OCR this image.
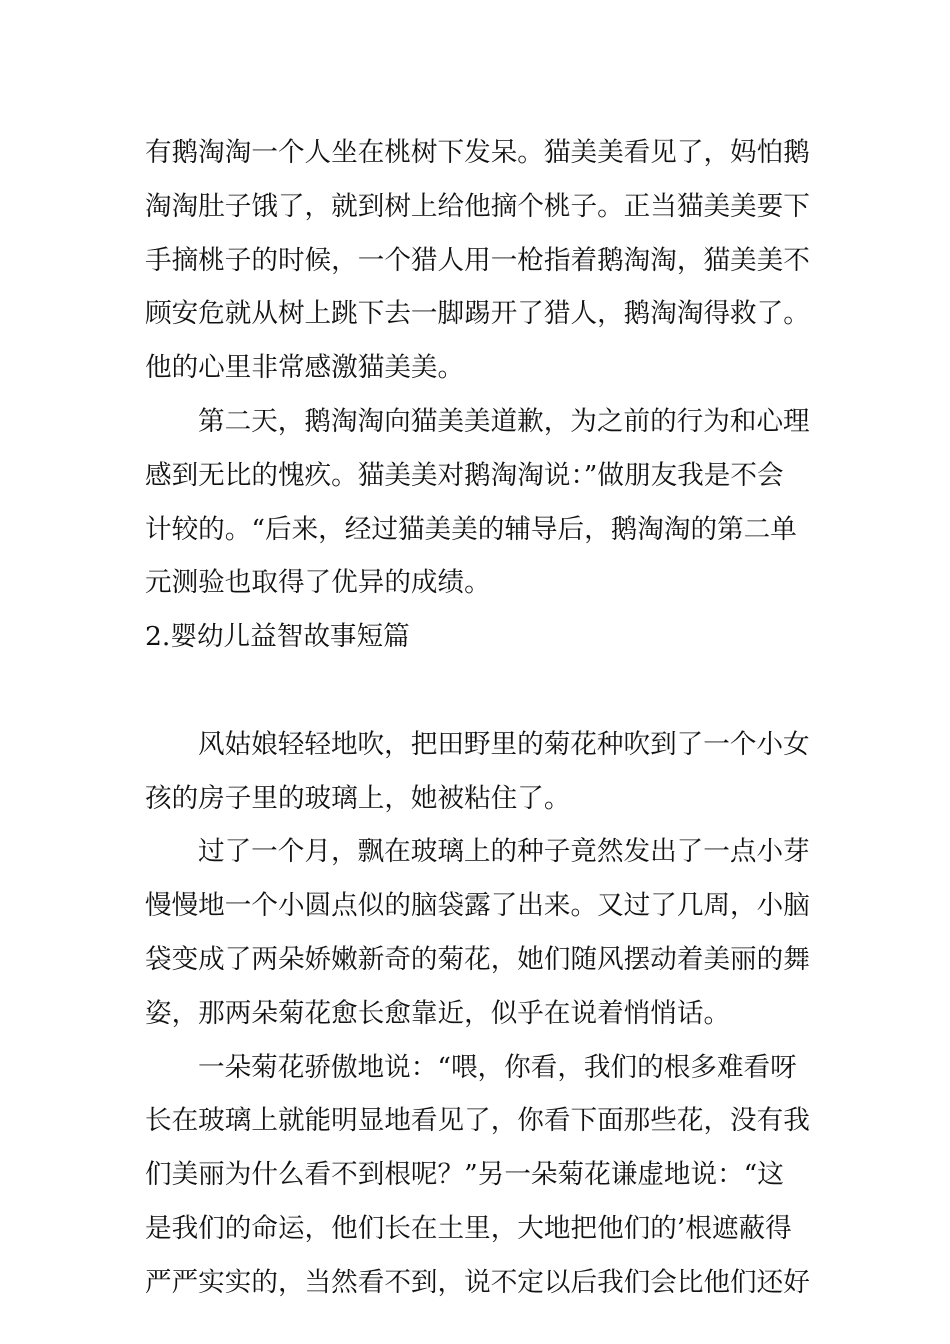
有鹅淘淘一个人坐在桃树下发呆。猫美美看见了，妈怕鹅
淘淘肚子饿了，就到树上给他摘个桃子。正当猫美美要下
手摘桃子的时候，一个猎人用一枪指着鹅淘淘，猫美美不
顾安危就从树上跳下去一脚踢开了猎人，鹅淘淘得救了。
他的心里非常感激猫美美。
第二天，鹅淘淘向猫美美道歉，为之前的行为和心理
感到无比的愧疚。猫美美对鹅淘淘说：”做朋友我是不会
计较的。“后来，经过猫美美的辅导后，鹅淘淘的第二单
元测验也取得了优异的成绩。
2.婴幼儿益智故事短篇
风姑娘轻轻地吹，把田野里的菊花种吹到了一个小女
孩的房子里的玻璃上，她被粘住了。
过了一个月，飘在玻璃上的种子竟然发出了一点小芽
慢慢地一个小圆点似的脑袋露了出来。又过了几周，小脑
袋变成了两朵娇嫩新奇的菊花，她们随风摆动着美丽的舞
姿，那两朵菊花愈长愈靠近，似乎在说着悄悄话。
一朵菊花骄傲地说：“喂，你看，我们的根多难看呀
长在玻璃上就能明显地看见了，你看下面那些花，没有我
们美丽为什么看不到根呢？”另一朵菊花谦虚地说：“这
是我们的命运，他们长在土里，大地把他们的’根遮蔽得
严严实实的，当然看不到，说不定以后我们会比他们还好
